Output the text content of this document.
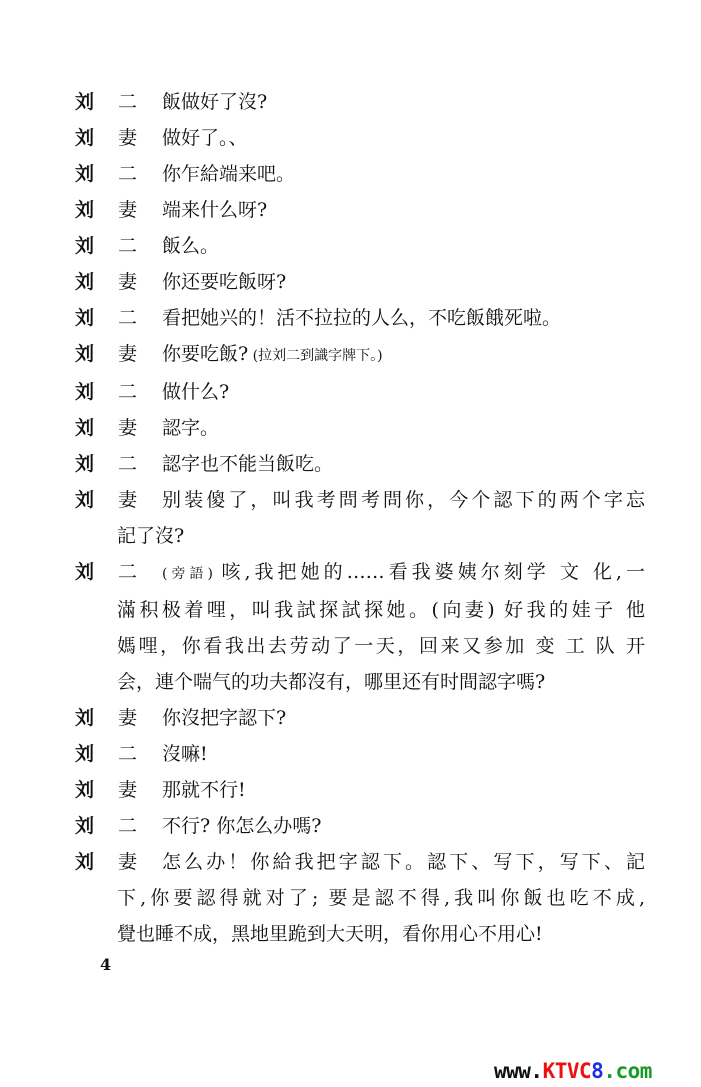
刘 二	飯做好了沒?
刘 妻	做好了。、
刘 二	你乍給端来吧。
刘 妻	端来什么呀?
刘 二	飯么。
刘 妻	你还要吃飯呀?
刘 二	看把她兴的！活不拉拉的人么，不吃飯餓死啦。
刘 妻	你要吃飯? (拉刘二到識字牌下。)
刘 二	做什么?
刘 妻	認字。
刘 二	認字也不能当飯吃。
刘 妻	别装傻了，叫我考問考問你，今个認下的两个字忘
記了沒?
刘 二	(旁語) 咳,我把她的……看我婆姨尔刻学 文 化,一
滿积极着哩，叫我試探試探她。(向妻) 好我的娃子 他
媽哩，你看我出去劳动了一天，回来又参加 变 工 队 开
会，連个喘气的功夫都沒有，哪里还有时間認字嗎?
刘 妻	你沒把字認下?
刘 二	沒嘛!
刘 妻	那就不行!
刘 二	不行? 你怎么办嗎?
刘 妻	怎么办！你給我把字認下。認下、写下，写下、記
下,你要認得就对了; 要是認不得,我叫你飯也吃不成,
覺也睡不成，黑地里跪到大天明，看你用心不用心!
4
www.KTVC8.com
